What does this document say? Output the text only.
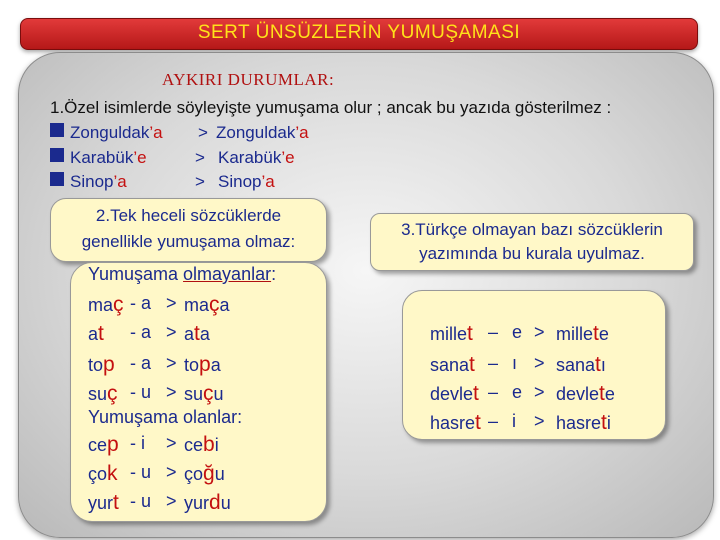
SERT ÜNSÜZLERİN YUMUŞAMASI
AYKIRI DURUMLAR:
1.Özel isimlerde söyleyişte yumuşama olur ; ancak bu yazıda gösterilmez :
Zonguldak’a > Zonguldak’a
Karabük’e	> Karabük’e
Sinop’a	> Sinop’a
2.Tek heceli sözcüklerde
genellikle yumuşama olmaz:
3.Türkçe olmayan bazı sözcüklerin
yazımında bu kurala uyulmaz.
Yumuşama olmayanlar:
maç - a > maça
at - a > ata
top - a > topa
suç - u > suçu
Yumuşama olanlar:
cep - i > cebi
çok - u > çoğu
yurt - u > yurdu
millet – e > millete
sanat – ı > sanatı
devlet – e > devlete
hasret – i > hasreti
